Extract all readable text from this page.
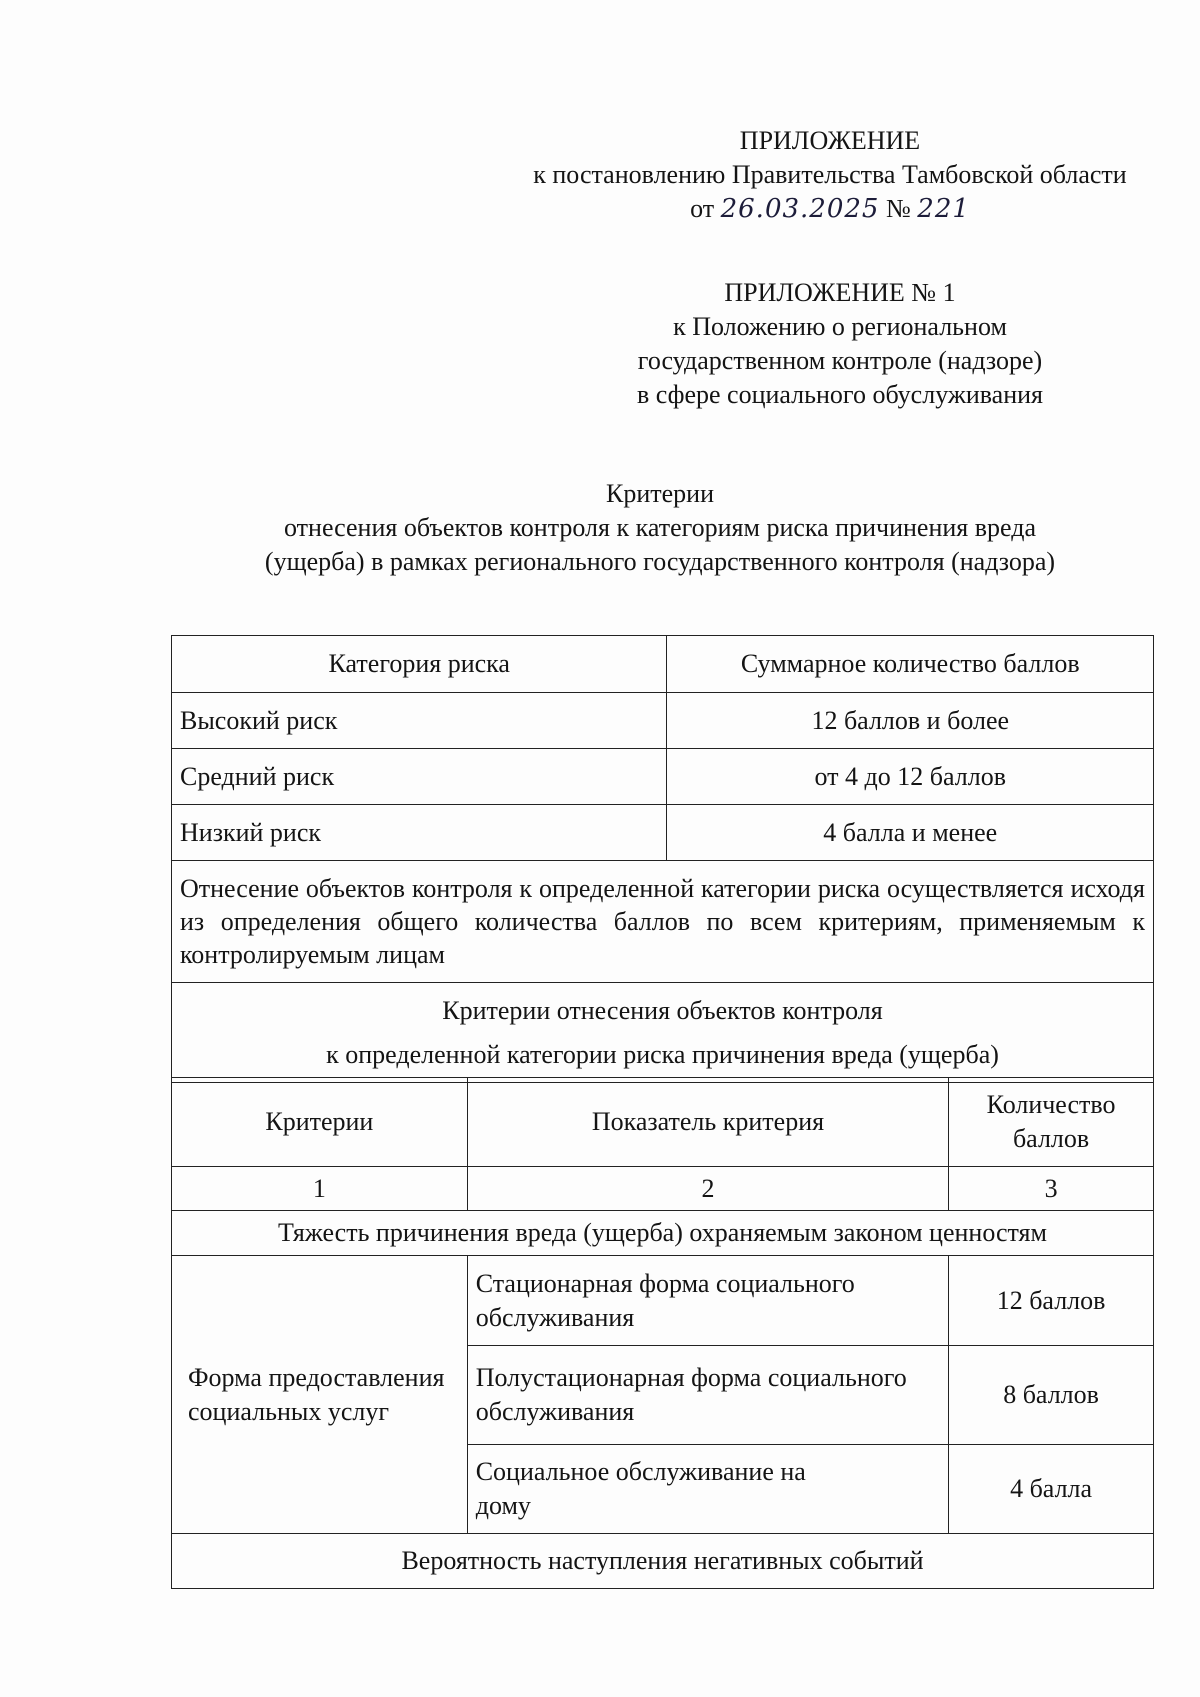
ПРИЛОЖЕНИЕ
к постановлению Правительства Тамбовской области
от 26.03.2025 № 221
ПРИЛОЖЕНИЕ № 1
к Положению о региональном
государственном контроле (надзоре)
в сфере социального обуслуживания
Критерии
отнесения объектов контроля к категориям риска причинения вреда
(ущерба) в рамках регионального государственного контроля (надзора)
Категория риска	Суммарное количество баллов
Высокий риск	12 баллов и более
Средний риск	от 4 до 12 баллов
Низкий риск	4 балла и менее
Отнесение объектов контроля к определенной категории риска осуществляется исходя из определения общего количества баллов по всем критериям, применяемым к контролируемым лицам	

Критерии отнесения объектов контроля
к определенной категории риска причинения вреда (ущерба)	
Критерии	Показатель критерия	Количество баллов
1	2	3
Тяжесть причинения вреда (ущерба) охраняемым законом ценностям		
Форма предоставления социальных услуг	Стационарная форма социального обслуживания	12 баллов
	Полустационарная форма социального обслуживания	8 баллов
	Социальное обслуживание на дому	4 балла
Вероятность наступления негативных событий		
